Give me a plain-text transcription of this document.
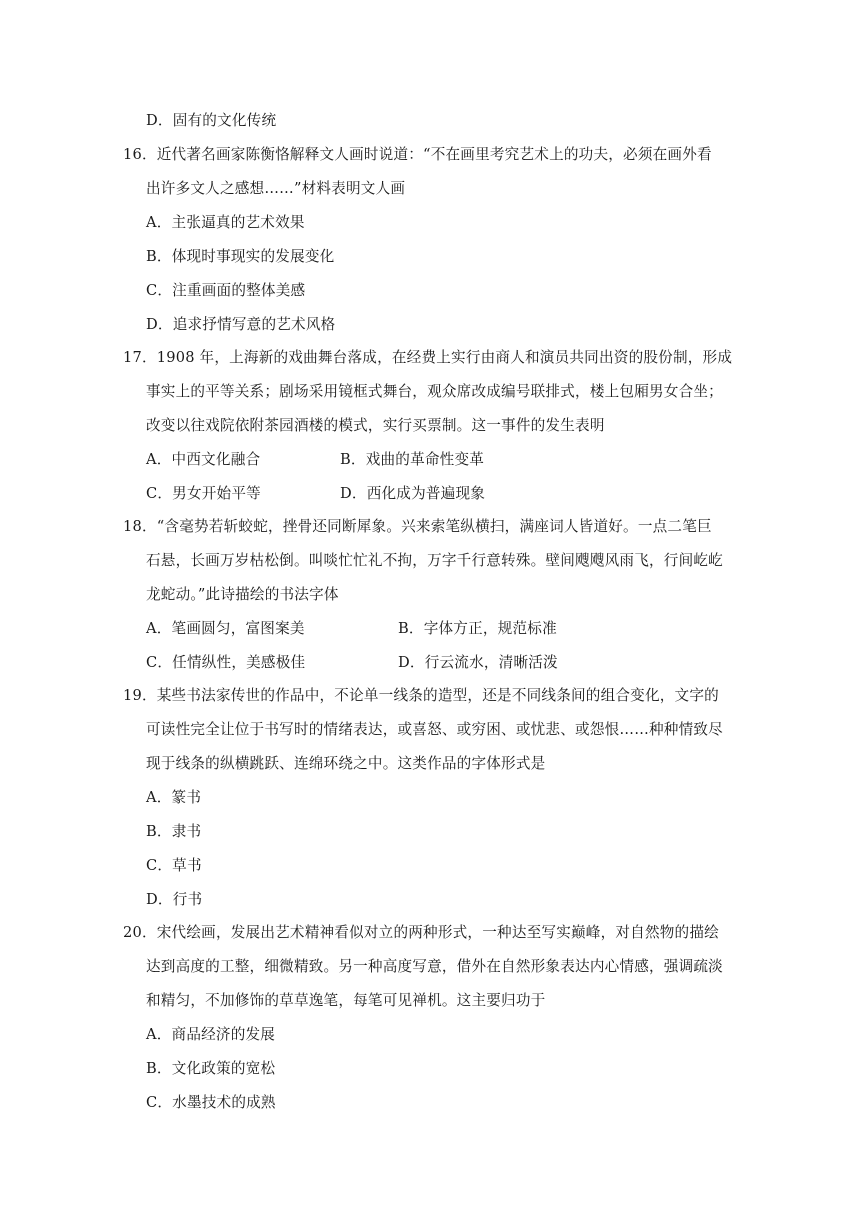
D．固有的文化传统
16．近代著名画家陈衡恪解释文人画时说道：“不在画里考究艺术上的功夫，必须在画外看
出许多文人之感想……”材料表明文人画
A．主张逼真的艺术效果
B．体现时事现实的发展变化
C．注重画面的整体美感
D．追求抒情写意的艺术风格
17．1908 年，上海新的戏曲舞台落成，在经费上实行由商人和演员共同出资的股份制，形成
事实上的平等关系；剧场采用镜框式舞台，观众席改成编号联排式，楼上包厢男女合坐；
改变以往戏院依附茶园酒楼的模式，实行买票制。这一事件的发生表明
A．中西文化融合	B．戏曲的革命性变革
C．男女开始平等	D．西化成为普遍现象
18．“含毫势若斩蛟蛇，挫骨还同断犀象。兴来索笔纵横扫，满座词人皆道好。一点二笔巨
石悬，长画万岁枯松倒。叫啖忙忙礼不拘，万字千行意转殊。壁间飕飕风雨飞，行间屹屹
龙蛇动。”此诗描绘的书法字体
A．笔画圆匀，富图案美	B．字体方正，规范标准
C．任情纵性，美感极佳	D．行云流水，清晰活泼
19．某些书法家传世的作品中，不论单一线条的造型，还是不同线条间的组合变化，文字的
可读性完全让位于书写时的情绪表达，或喜怒、或穷困、或忧悲、或怨恨……种种情致尽
现于线条的纵横跳跃、连绵环绕之中。这类作品的字体形式是
A．篆书
B．隶书
C．草书
D．行书
20．宋代绘画，发展出艺术精神看似对立的两种形式，一种达至写实巅峰，对自然物的描绘
达到高度的工整，细微精致。另一种高度写意，借外在自然形象表达内心情感，强调疏淡
和精匀，不加修饰的草草逸笔，每笔可见禅机。这主要归功于
A．商品经济的发展
B．文化政策的宽松
C．水墨技术的成熟
